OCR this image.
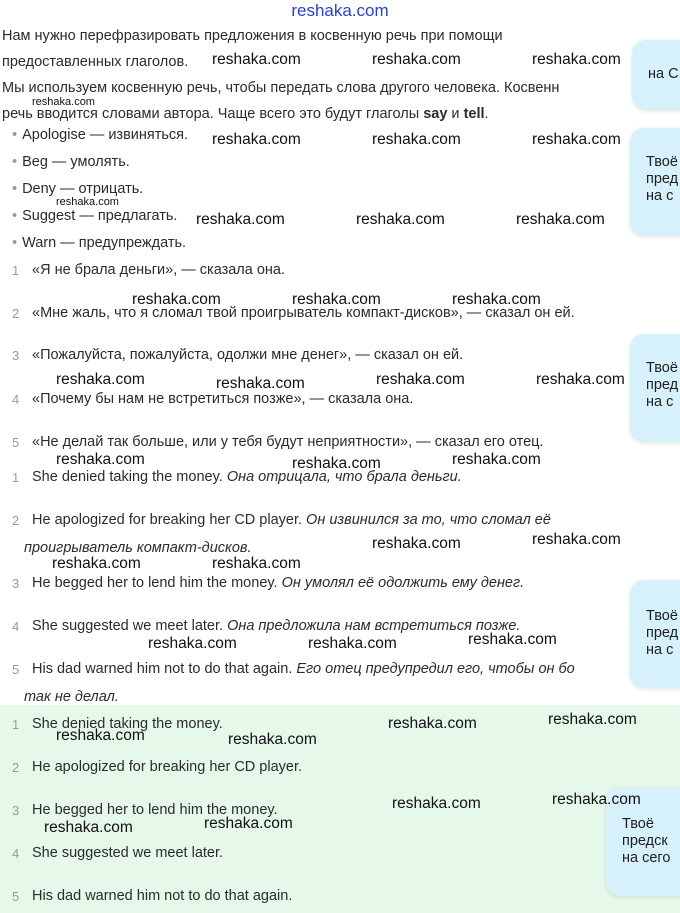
reshaka.com
Нам нужно перефразировать предложения в косвенную речь при помощи
предоставленных глаголов.
Мы используем косвенную речь, чтобы передать слова другого человека. Косвенн
речь вводится словами автора. Чаще всего это будут глаголы say и tell.
• Apologise — извиняться.
• Beg — умолять.
• Deny — отрицать.
• Suggest — предлагать.
• Warn — предупреждать.
1 «Я не брала деньги», — сказала она.
2 «Мне жаль, что я сломал твой проигрыватель компакт-дисков», — сказал он ей.
3 «Пожалуйста, пожалуйста, одолжи мне денег», — сказал он ей.
4 «Почему бы нам не встретиться позже», — сказала она.
5 «Не делай так больше, или у тебя будут неприятности», — сказал его отец.
1 She denied taking the money. Она отрицала, что брала деньги.
2 He apologized for breaking her CD player. Он извинился за то, что сломал её
проигрыватель компакт-дисков.
3 He begged her to lend him the money. Он умолял её одолжить ему денег.
4 She suggested we meet later. Она предложила нам встретиться позже.
5 His dad warned him not to do that again. Его отец предупредил его, чтобы он бо
так не делал.
1 She denied taking the money.
2 He apologized for breaking her CD player.
3 He begged her to lend him the money.
4 She suggested we meet later.
5 His dad warned him not to do that again.
на С
Твоё
пред
на с
Твоё
пред
на с
Твоё
пред
на с
Твоё
предск
на сего
reshaka.com	reshaka.com	reshaka.com
reshaka.com
reshaka.com	reshaka.com	reshaka.com
reshaka.com
reshaka.com	reshaka.com	reshaka.com
reshaka.com	reshaka.com	reshaka.com
reshaka.com	reshaka.com	reshaka.com	reshaka.com
reshaka.com	reshaka.com	reshaka.com
reshaka.com	reshaka.com
reshaka.com	reshaka.com
reshaka.com	reshaka.com	reshaka.com
reshaka.com	reshaka.com
reshaka.com	reshaka.com
reshaka.com	reshaka.com
reshaka.com	reshaka.com
